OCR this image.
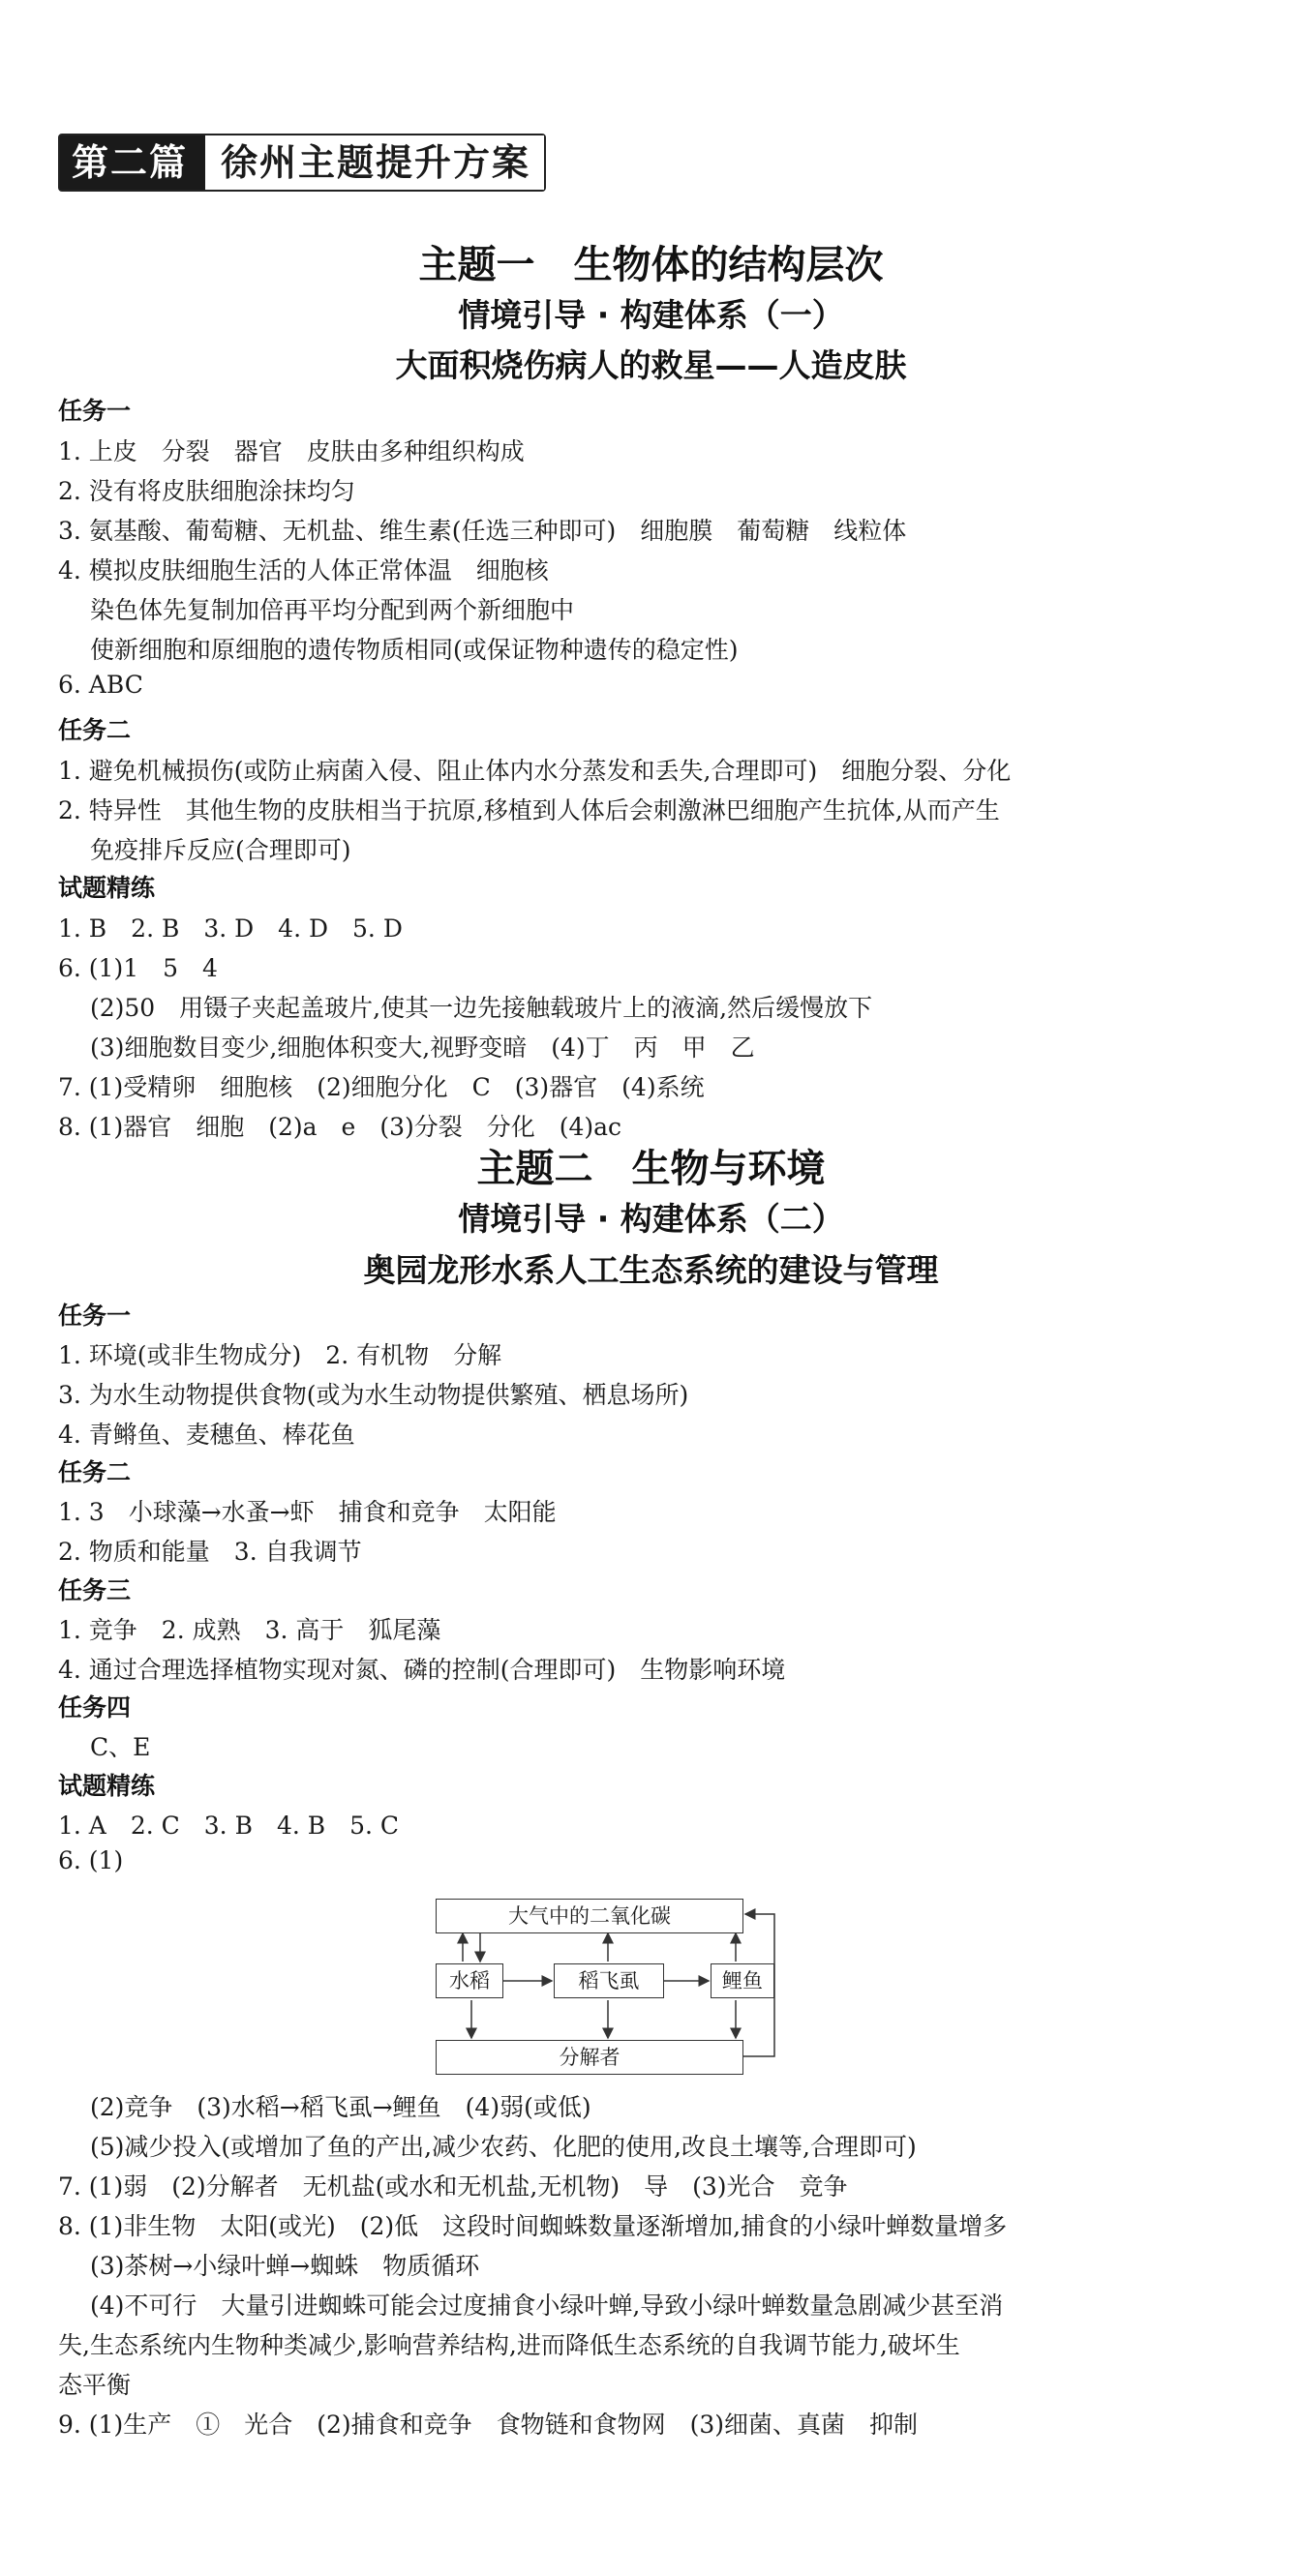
第二篇 徐州主题提升方案
主题一　生物体的结构层次
情境引导 · 构建体系（一）
大面积烧伤病人的救星——人造皮肤
任务一
1. 上皮　分裂　器官　皮肤由多种组织构成
2. 没有将皮肤细胞涂抹均匀
3. 氨基酸、葡萄糖、无机盐、维生素(任选三种即可)　细胞膜　葡萄糖　线粒体
4. 模拟皮肤细胞生活的人体正常体温　细胞核
　 染色体先复制加倍再平均分配到两个新细胞中
　 使新细胞和原细胞的遗传物质相同(或保证物种遗传的稳定性)
6. ABC
任务二
1. 避免机械损伤(或防止病菌入侵、阻止体内水分蒸发和丢失,合理即可)　细胞分裂、分化
2. 特异性　其他生物的皮肤相当于抗原,移植到人体后会刺激淋巴细胞产生抗体,从而产生
　 免疫排斥反应(合理即可)
试题精练
1. B　2. B　3. D　4. D　5. D
6. (1)1　5　4
　 (2)50　用镊子夹起盖玻片,使其一边先接触载玻片上的液滴,然后缓慢放下
　 (3)细胞数目变少,细胞体积变大,视野变暗　(4)丁　丙　甲　乙
7. (1)受精卵　细胞核　(2)细胞分化　C　(3)器官　(4)系统
8. (1)器官　细胞　(2)a　e　(3)分裂　分化　(4)ac
主题二　生物与环境
情境引导 · 构建体系（二）
奥园龙形水系人工生态系统的建设与管理
任务一
1. 环境(或非生物成分)　2. 有机物　分解
3. 为水生动物提供食物(或为水生动物提供繁殖、栖息场所)
4. 青鳉鱼、麦穗鱼、棒花鱼
任务二
1. 3　小球藻→水蚤→虾　捕食和竞争　太阳能
2. 物质和能量　3. 自我调节
任务三
1. 竞争　2. 成熟　3. 高于　狐尾藻
4. 通过合理选择植物实现对氮、磷的控制(合理即可)　生物影响环境
任务四
　 C、E
试题精练
1. A　2. C　3. B　4. B　5. C
6. (1)
大气中的二氧化碳
水稻	稻飞虱	鲤鱼
分解者
　 (2)竞争　(3)水稻→稻飞虱→鲤鱼　(4)弱(或低)
　 (5)减少投入(或增加了鱼的产出,减少农药、化肥的使用,改良土壤等,合理即可)
7. (1)弱　(2)分解者　无机盐(或水和无机盐,无机物)　导　(3)光合　竞争
8. (1)非生物　太阳(或光)　(2)低　这段时间蜘蛛数量逐渐增加,捕食的小绿叶蝉数量增多
　 (3)茶树→小绿叶蝉→蜘蛛　物质循环
　 (4)不可行　大量引进蜘蛛可能会过度捕食小绿叶蝉,导致小绿叶蝉数量急剧减少甚至消
失,生态系统内生物种类减少,影响营养结构,进而降低生态系统的自我调节能力,破坏生
态平衡
9. (1)生产　①　光合　(2)捕食和竞争　食物链和食物网　(3)细菌、真菌　抑制
